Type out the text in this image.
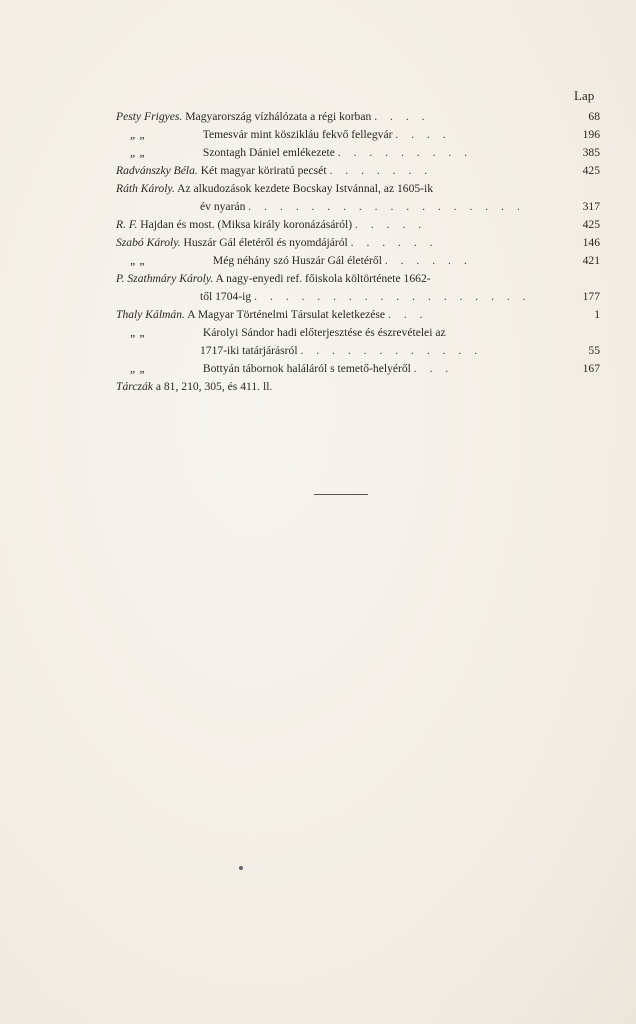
Lap
Pesty Frigyes. Magyarország vízhálózata a régi korban . . . .	68
„ „	Temesvár mint köszikláu fekvő fellegvár . . . .	196
„ „	Szontagh Dániel emlékezete . . . . . . . . .	385
Radvánszky Béla. Két magyar köriratú pecsét . . . . . . .	425
Ráth Károly. Az alkudozások kezdete Bocskay Istvánnal, az 1605-ik
év nyarán . . . . . . . . . . . . . . . . . .	317
R. F. Hajdan és most. (Miksa király koronázásáról) . . . . .	425
Szabó Károly. Huszár Gál életéről és nyomdájáról . . . . . .	146
„ „	Még néhány szó Huszár Gál életéről . . . . . .	421
P. Szathmáry Károly. A nagy-enyedi ref. főiskola költörténete 1662-
től 1704-ig . . . . . . . . . . . . . . . . . .	177
Thaly Kálmán. A Magyar Történelmi Társulat keletkezése . . .	1
„ „	Károlyi Sándor hadi előterjesztése és észrevételei az
1717-iki tatárjárásról . . . . . . . . . . . .	55
„ „	Bottyán tábornok haláláról s temető-helyéről . . .	167
Tárczák a 81, 210, 305, és 411. ll.
